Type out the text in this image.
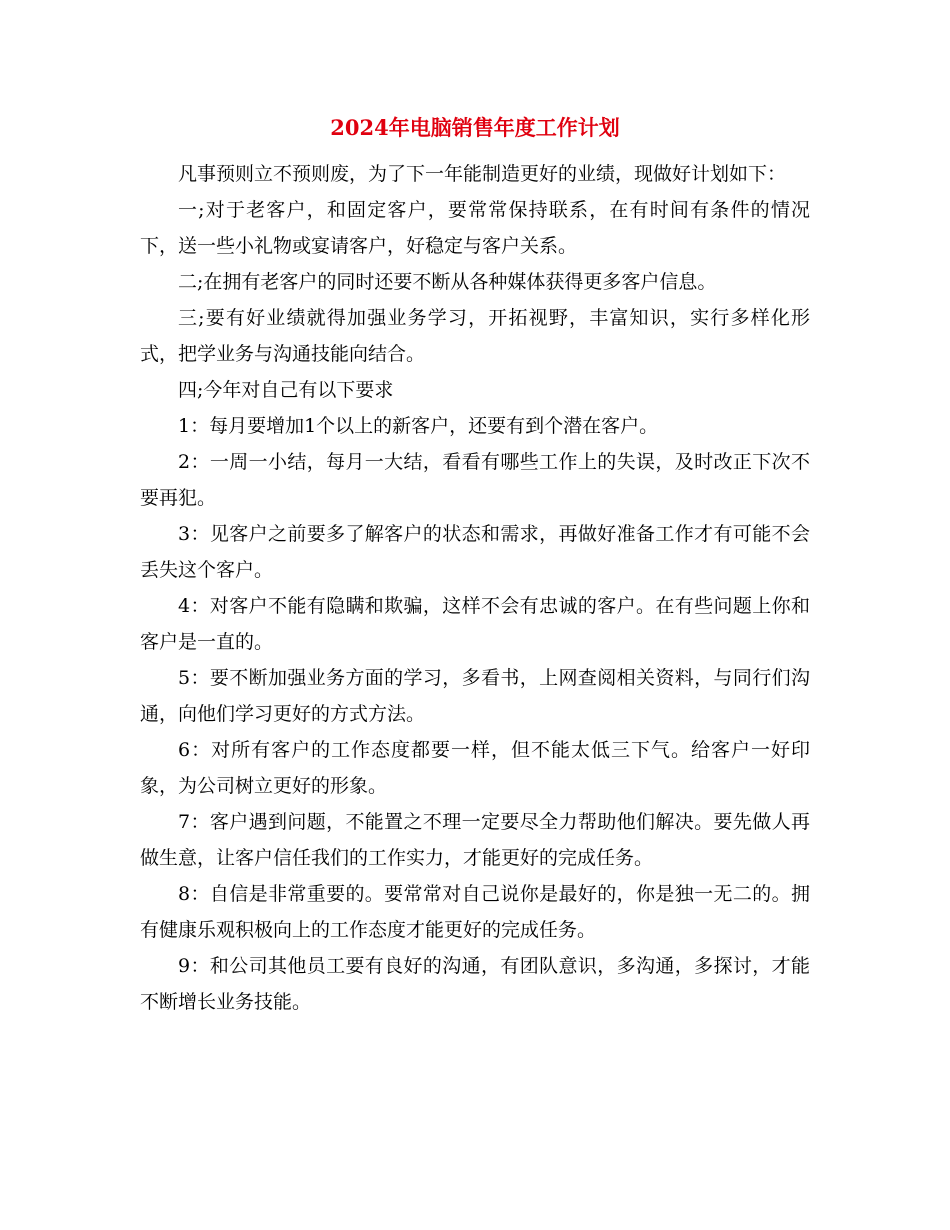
2024年电脑销售年度工作计划

凡事预则立不预则废，为了下一年能制造更好的业绩，现做好计划如下：

一;对于老客户，和固定客户，要常常保持联系，在有时间有条件的情况下，送一些小礼物或宴请客户，好稳定与客户关系。

二;在拥有老客户的同时还要不断从各种媒体获得更多客户信息。

三;要有好业绩就得加强业务学习，开拓视野，丰富知识，实行多样化形式，把学业务与沟通技能向结合。

四;今年对自己有以下要求

1：每月要增加1个以上的新客户，还要有到个潜在客户。

2：一周一小结，每月一大结，看看有哪些工作上的失误，及时改正下次不要再犯。

3：见客户之前要多了解客户的状态和需求，再做好准备工作才有可能不会丢失这个客户。

4：对客户不能有隐瞒和欺骗，这样不会有忠诚的客户。在有些问题上你和客户是一直的。

5：要不断加强业务方面的学习，多看书，上网查阅相关资料，与同行们沟通，向他们学习更好的方式方法。

6：对所有客户的工作态度都要一样，但不能太低三下气。给客户一好印象，为公司树立更好的形象。

7：客户遇到问题，不能置之不理一定要尽全力帮助他们解决。要先做人再做生意，让客户信任我们的工作实力，才能更好的完成任务。

8：自信是非常重要的。要常常对自己说你是最好的，你是独一无二的。拥有健康乐观积极向上的工作态度才能更好的完成任务。

9：和公司其他员工要有良好的沟通，有团队意识，多沟通，多探讨，才能不断增长业务技能。
